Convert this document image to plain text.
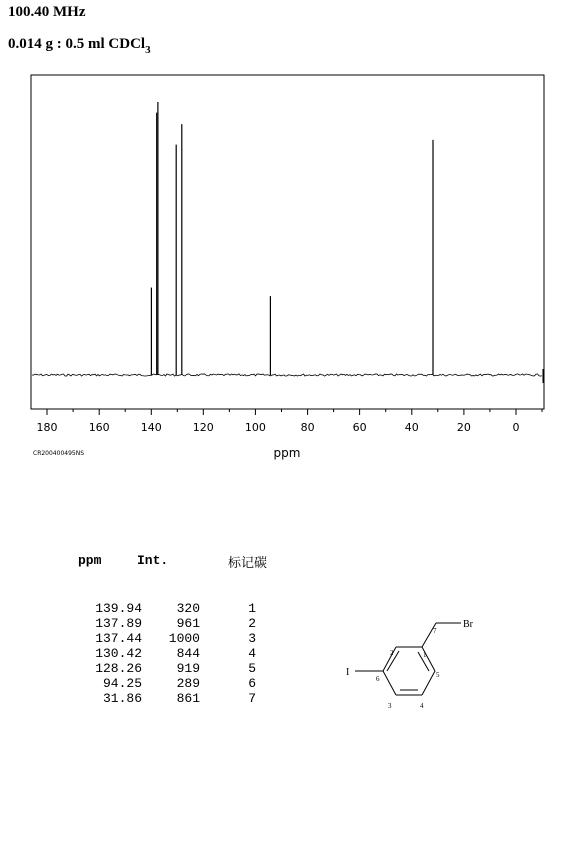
100.40 MHz
0.014 g : 0.5 ml CDCl$_3$
180	160	140	120	100	80	60	40	20	0
ppm
CR200400495NS
ppm	Int.	标记碳
139.94	320	1
137.89	961	2
137.44	1000	3
130.42	844	4
128.26	919	5
94.25	289	6
31.86	861	7
Br
I
1
2
3	4
5
6
7
